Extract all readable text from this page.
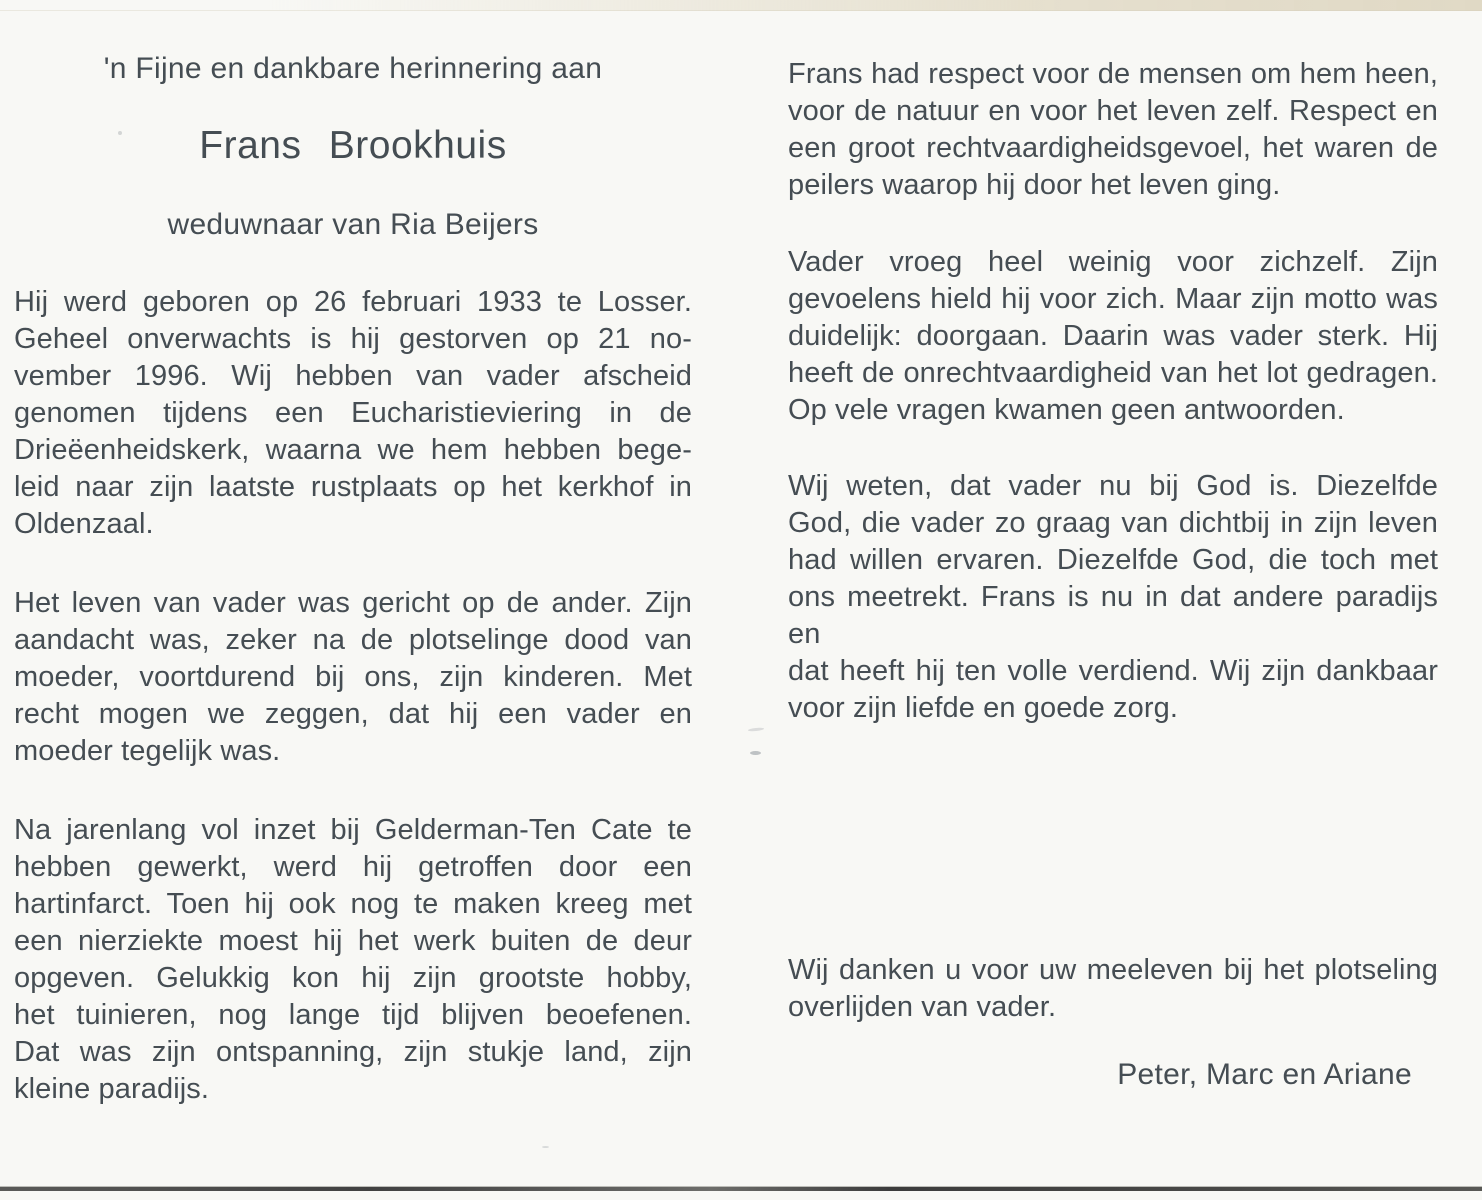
'n Fijne en dankbare herinnering aan
Frans Brookhuis
weduwnaar van Ria Beijers
Hij werd geboren op 26 februari 1933 te Losser.
Geheel onverwachts is hij gestorven op 21 no-
vember 1996. Wij hebben van vader afscheid
genomen tijdens een Eucharistieviering in de
Drieëenheidskerk, waarna we hem hebben bege-
leid naar zijn laatste rustplaats op het kerkhof in
Oldenzaal.
Het leven van vader was gericht op de ander. Zijn
aandacht was, zeker na de plotselinge dood van
moeder, voortdurend bij ons, zijn kinderen. Met
recht mogen we zeggen, dat hij een vader en
moeder tegelijk was.
Na jarenlang vol inzet bij Gelderman-Ten Cate te
hebben gewerkt, werd hij getroffen door een
hartinfarct. Toen hij ook nog te maken kreeg met
een nierziekte moest hij het werk buiten de deur
opgeven. Gelukkig kon hij zijn grootste hobby,
het tuinieren, nog lange tijd blijven beoefenen.
Dat was zijn ontspanning, zijn stukje land, zijn
kleine paradijs.
Frans had respect voor de mensen om hem heen,
voor de natuur en voor het leven zelf. Respect en
een groot rechtvaardigheidsgevoel, het waren de
peilers waarop hij door het leven ging.
Vader vroeg heel weinig voor zichzelf. Zijn
gevoelens hield hij voor zich. Maar zijn motto was
duidelijk: doorgaan. Daarin was vader sterk. Hij
heeft de onrechtvaardigheid van het lot gedragen.
Op vele vragen kwamen geen antwoorden.
Wij weten, dat vader nu bij God is. Diezelfde
God, die vader zo graag van dichtbij in zijn leven
had willen ervaren. Diezelfde God, die toch met
ons meetrekt. Frans is nu in dat andere paradijs en
dat heeft hij ten volle verdiend. Wij zijn dankbaar
voor zijn liefde en goede zorg.
Wij danken u voor uw meeleven bij het plotseling
overlijden van vader.
Peter, Marc en Ariane
